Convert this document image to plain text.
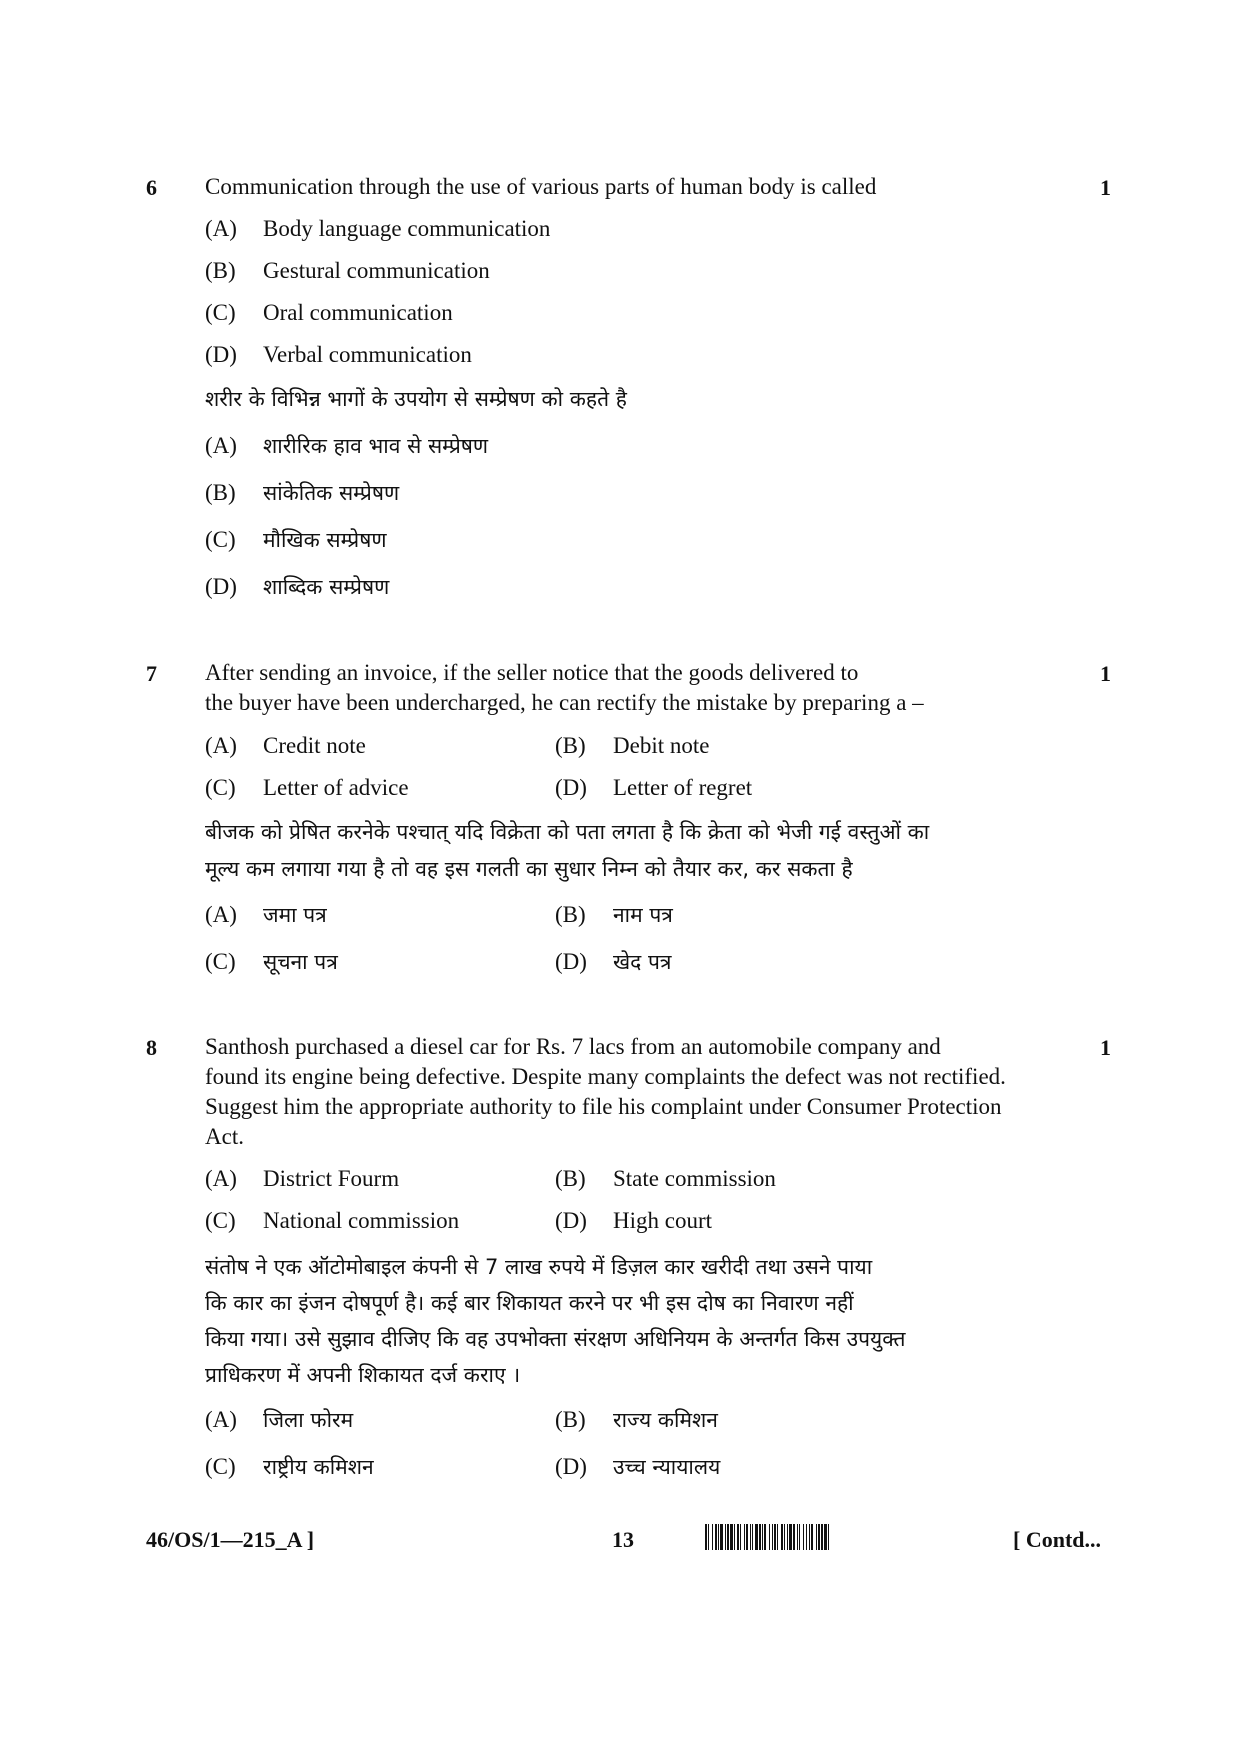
6	1
Communication through the use of various parts of human body is called
(A) Body language communication
(B) Gestural communication
(C) Oral communication
(D) Verbal communication
शरीर के विभिन्न भागों के उपयोग से सम्प्रेषण को कहते है
(A) शारीरिक हाव भाव से सम्प्रेषण
(B) सांकेतिक सम्प्रेषण
(C) मौखिक सम्प्रेषण
(D) शाब्दिक सम्प्रेषण
7	1
After sending an invoice, if the seller notice that the goods delivered to
the buyer have been undercharged, he can rectify the mistake by preparing a –
(A) Credit note	(B) Debit note
(C) Letter of advice	(D) Letter of regret
बीजक को प्रेषित करनेके पश्चात् यदि विक्रेता को पता लगता है कि क्रेता को भेजी गई वस्तुओं का
मूल्य कम लगाया गया है तो वह इस गलती का सुधार निम्न को तैयार कर, कर सकता है
(A) जमा पत्र	(B) नाम पत्र
(C) सूचना पत्र	(D) खेद पत्र
8	1
Santhosh purchased a diesel car for Rs. 7 lacs from an automobile company and
found its engine being defective. Despite many complaints the defect was not rectified.
Suggest him the appropriate authority to file his complaint under Consumer Protection
Act.
(A) District Fourm	(B) State commission
(C) National commission	(D) High court
संतोष ने एक ऑटोमोबाइल कंपनी से 7 लाख रुपये में डिज़ल कार खरीदी तथा उसने पाया
कि कार का इंजन दोषपूर्ण है। कई बार शिकायत करने पर भी इस दोष का निवारण नहीं
किया गया। उसे सुझाव दीजिए कि वह उपभोक्ता संरक्षण अधिनियम के अन्तर्गत किस उपयुक्त
प्राधिकरण में अपनी शिकायत दर्ज कराए ।
(A) जिला फोरम	(B) राज्य कमिशन
(C) राष्ट्रीय कमिशन	(D) उच्च न्यायालय
46/OS/1—215_A ]	13	[ Contd...
